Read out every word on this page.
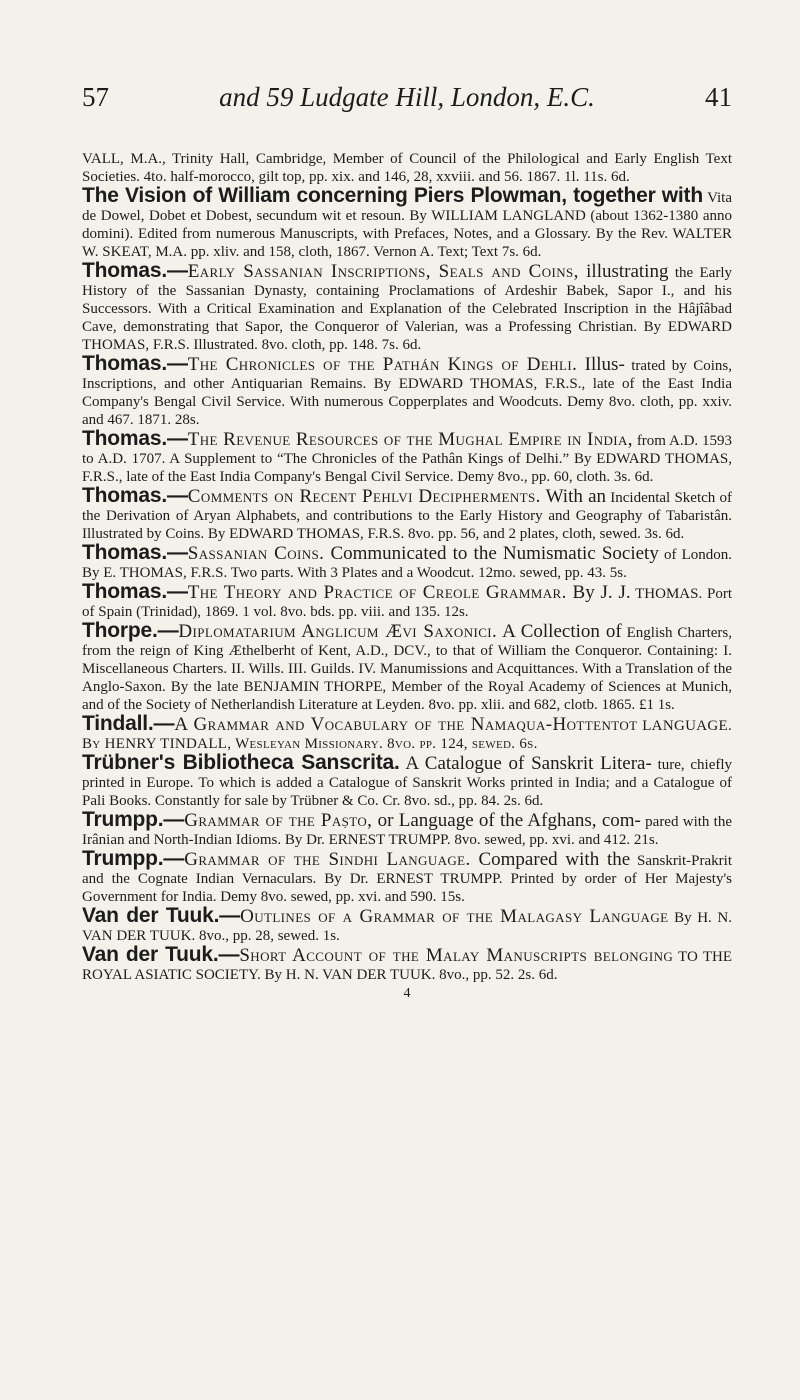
57	and 59 Ludgate Hill, London, E.C.	41
VALL, M.A., Trinity Hall, Cambridge, Member of Council of the Philological and Early English Text Societies. 4to. half-morocco, gilt top, pp. xix. and 146, 28, xxviii. and 56. 1867. 1l. 11s. 6d.
The Vision of William concerning Piers Plowman, together with Vita de Dowel, Dobet et Dobest, secundum wit et resoun. By WILLIAM LANGLAND (about 1362-1380 anno domini). Edited from numerous Manuscripts, with Prefaces, Notes, and a Glossary. By the Rev. WALTER W. SKEAT, M.A. pp. xliv. and 158, cloth, 1867. Vernon A. Text; Text 7s. 6d.
Thomas.—Early Sassanian Inscriptions, Seals and Coins, illustrating the Early History of the Sassanian Dynasty, containing Proclamations of Ardeshir Babek, Sapor I., and his Successors. With a Critical Examination and Explanation of the Celebrated Inscription in the Hâjîâbad Cave, demonstrating that Sapor, the Conqueror of Valerian, was a Professing Christian. By EDWARD THOMAS, F.R.S. Illustrated. 8vo. cloth, pp. 148. 7s. 6d.
Thomas.—The Chronicles of the Pathán Kings of Dehli. Illus- trated by Coins, Inscriptions, and other Antiquarian Remains. By EDWARD THOMAS, F.R.S., late of the East India Company's Bengal Civil Service. With numerous Copperplates and Woodcuts. Demy 8vo. cloth, pp. xxiv. and 467. 1871. 28s.
Thomas.—The Revenue Resources of the Mughal Empire in India, from A.D. 1593 to A.D. 1707. A Supplement to “The Chronicles of the Pathân Kings of Delhi.” By EDWARD THOMAS, F.R.S., late of the East India Company's Bengal Civil Service. Demy 8vo., pp. 60, cloth. 3s. 6d.
Thomas.—Comments on Recent Pehlvi Decipherments. With an Incidental Sketch of the Derivation of Aryan Alphabets, and contributions to the Early History and Geography of Tabaristân. Illustrated by Coins. By EDWARD THOMAS, F.R.S. 8vo. pp. 56, and 2 plates, cloth, sewed. 3s. 6d.
Thomas.—Sassanian Coins. Communicated to the Numismatic Society of London. By E. THOMAS, F.R.S. Two parts. With 3 Plates and a Woodcut. 12mo. sewed, pp. 43. 5s.
Thomas.—The Theory and Practice of Creole Grammar. By J. J. THOMAS. Port of Spain (Trinidad), 1869. 1 vol. 8vo. bds. pp. viii. and 135. 12s.
Thorpe.—Diplomatarium Anglicum Ævi Saxonici. A Collection of English Charters, from the reign of King Æthelberht of Kent, A.D., DCV., to that of William the Conqueror. Containing: I. Miscellaneous Charters. II. Wills. III. Guilds. IV. Manumissions and Acquittances. With a Translation of the Anglo-Saxon. By the late BENJAMIN THORPE, Member of the Royal Academy of Sciences at Munich, and of the Society of Netherlandish Literature at Leyden. 8vo. pp. xlii. and 682, clotb. 1865. £1 1s.
Tindall.—A Grammar and Vocabulary of the Namaqua-Hottentot LANGUAGE. By HENRY TINDALL, Wesleyan Missionary. 8vo. pp. 124, sewed. 6s.
Trübner's Bibliotheca Sanscrita. A Catalogue of Sanskrit Litera- ture, chiefly printed in Europe. To which is added a Catalogue of Sanskrit Works printed in India; and a Catalogue of Pali Books. Constantly for sale by Trübner & Co. Cr. 8vo. sd., pp. 84. 2s. 6d.
Trumpp.—Grammar of the Paṣto, or Language of the Afghans, com- pared with the Irânian and North-Indian Idioms. By Dr. ERNEST TRUMPP. 8vo. sewed, pp. xvi. and 412. 21s.
Trumpp.—Grammar of the Sindhi Language. Compared with the Sanskrit-Prakrit and the Cognate Indian Vernaculars. By Dr. ERNEST TRUMPP. Printed by order of Her Majesty's Government for India. Demy 8vo. sewed, pp. xvi. and 590. 15s.
Van der Tuuk.—Outlines of a Grammar of the Malagasy Language By H. N. VAN DER TUUK. 8vo., pp. 28, sewed. 1s.
Van der Tuuk.—Short Account of the Malay Manuscripts belonging TO THE ROYAL ASIATIC SOCIETY. By H. N. VAN DER TUUK. 8vo., pp. 52. 2s. 6d.
4
